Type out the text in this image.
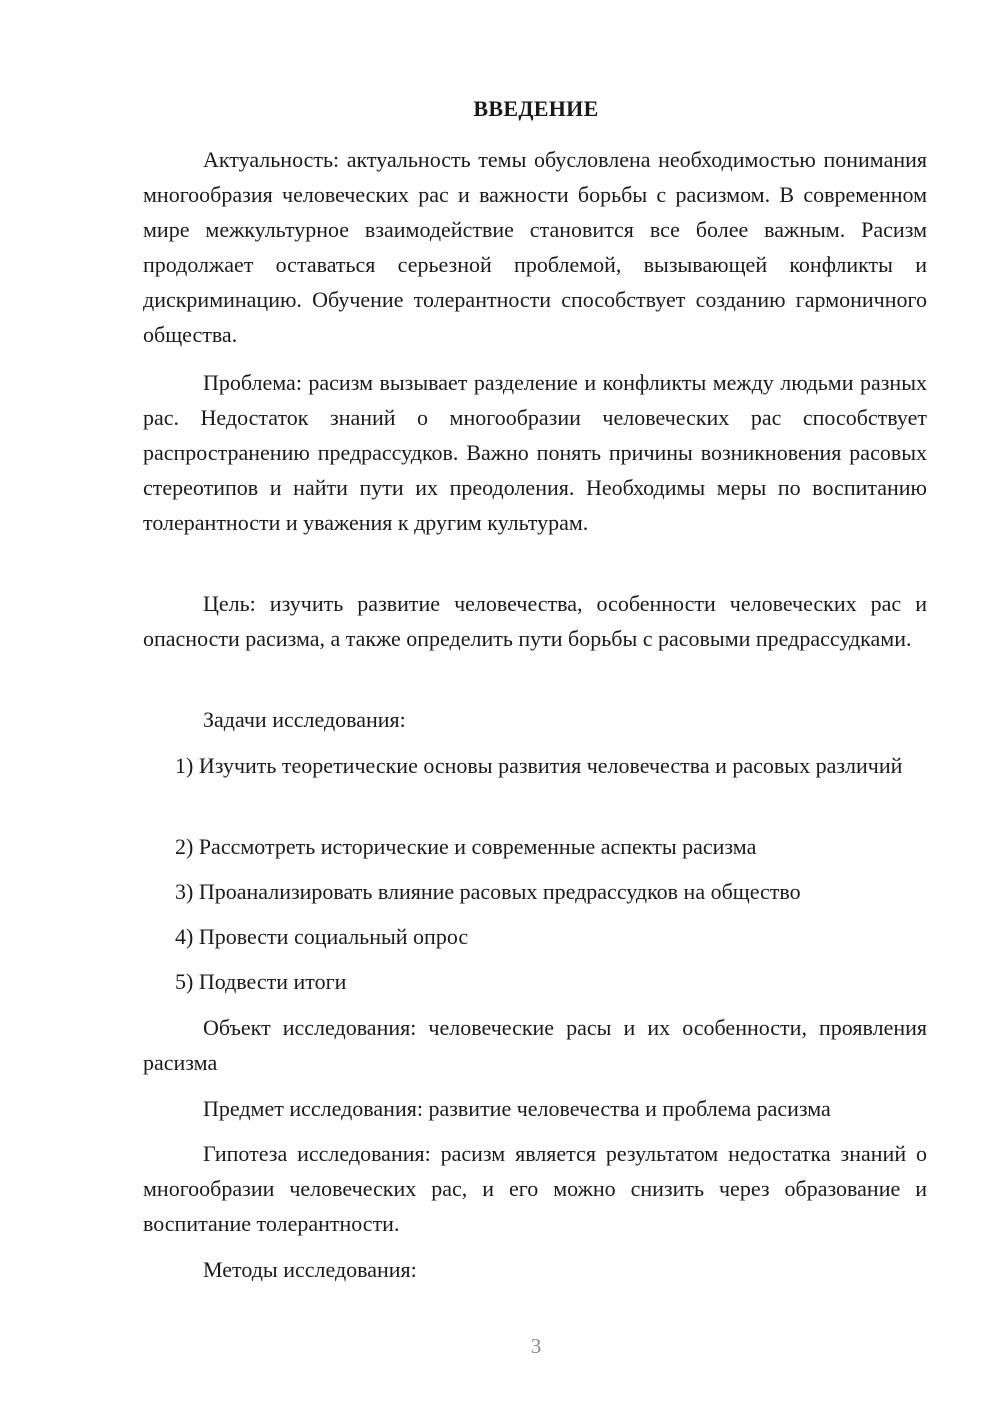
ВВЕДЕНИЕ
Актуальность: актуальность темы обусловлена необходимостью понимания многообразия человеческих рас и важности борьбы с расизмом. В современном мире межкультурное взаимодействие становится все более важным. Расизм продолжает оставаться серьезной проблемой, вызывающей конфликты и дискриминацию. Обучение толерантности способствует созданию гармоничного общества.
Проблема: расизм вызывает разделение и конфликты между людьми разных рас. Недостаток знаний о многообразии человеческих рас способствует распространению предрассудков. Важно понять причины возникновения расовых стереотипов и найти пути их преодоления. Необходимы меры по воспитанию толерантности и уважения к другим культурам.
Цель: изучить развитие человечества, особенности человеческих рас и опасности расизма, а также определить пути борьбы с расовыми предрассудками.
Задачи исследования:
1) Изучить теоретические основы развития человечества и расовых различий
2) Рассмотреть исторические и современные аспекты расизма
3) Проанализировать влияние расовых предрассудков на общество
4) Провести социальный опрос
5) Подвести итоги
Объект исследования: человеческие расы и их особенности, проявления расизма
Предмет исследования: развитие человечества и проблема расизма
Гипотеза исследования: расизм является результатом недостатка знаний о многообразии человеческих рас, и его можно снизить через образование и воспитание толерантности.
Методы исследования:
3
